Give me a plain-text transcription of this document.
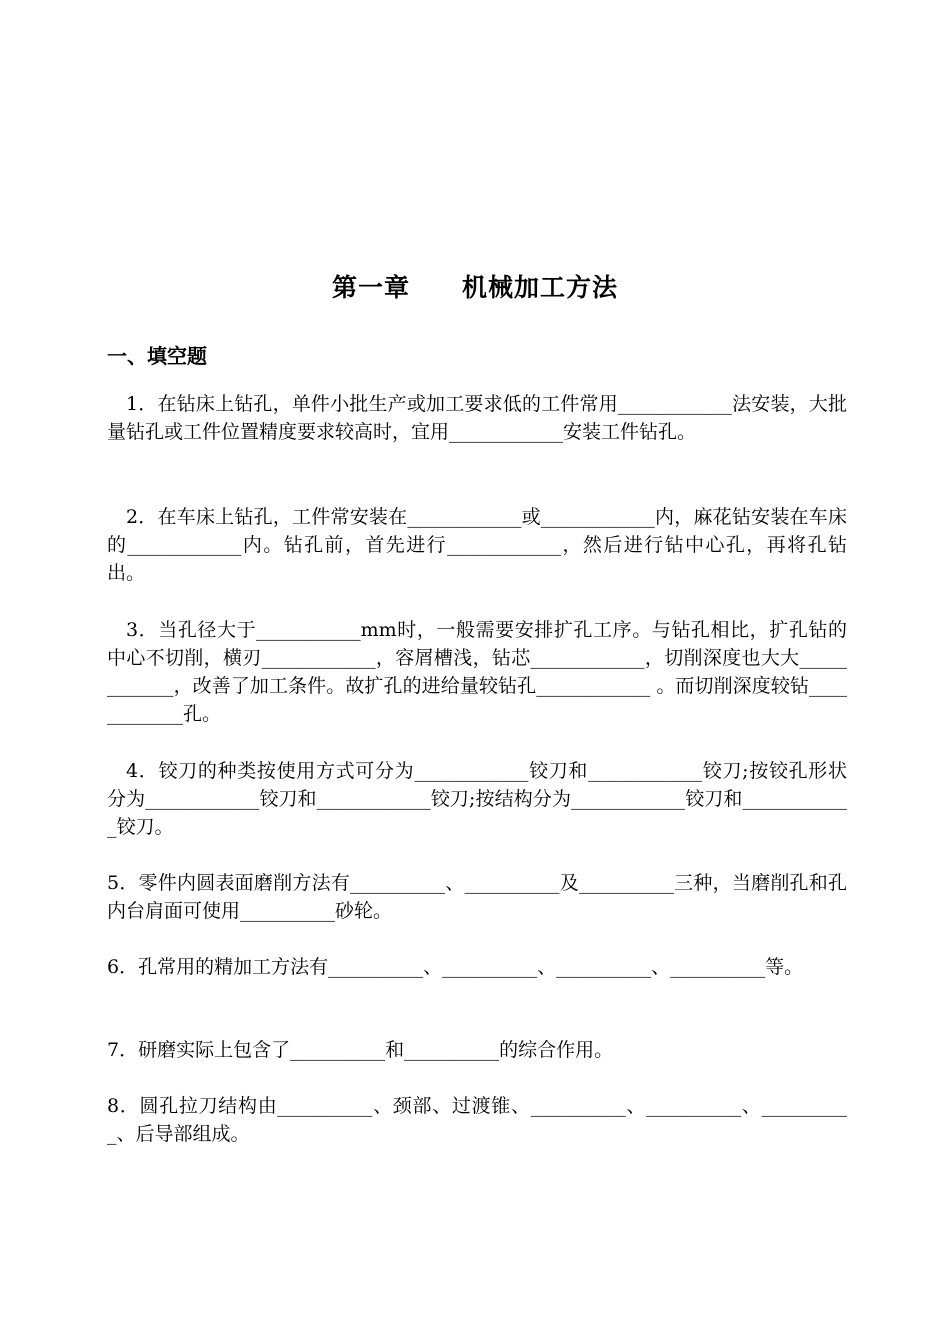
第一章　　机械加工方法
一、填空题

1．在钻床上钻孔，单件小批生产或加工要求低的工件常用____________法安装，大批量钻孔或工件位置精度要求较高时，宜用____________安装工件钻孔。

2．在车床上钻孔，工件常安装在____________或____________内，麻花钻安装在车床的____________内。钻孔前，首先进行____________，然后进行钻中心孔，再将孔钻出。

3．当孔径大于___________mm时，一般需要安排扩孔工序。与钻孔相比，扩孔钻的中心不切削，横刃____________，容屑槽浅，钻芯____________，切削深度也大大____________，改善了加工条件。故扩孔的进给量较钻孔____________ 。而切削深度较钻____________孔。

4．铰刀的种类按使用方式可分为____________铰刀和____________铰刀;按铰孔形状分为____________铰刀和____________铰刀;按结构分为____________铰刀和____________铰刀。

5．零件内圆表面磨削方法有__________、__________及__________三种，当磨削孔和孔内台肩面可使用__________砂轮。

6．孔常用的精加工方法有__________、__________、__________、__________等。

7．研磨实际上包含了__________和__________的综合作用。

8．圆孔拉刀结构由__________、颈部、过渡锥、__________、__________、__________、后导部组成。
